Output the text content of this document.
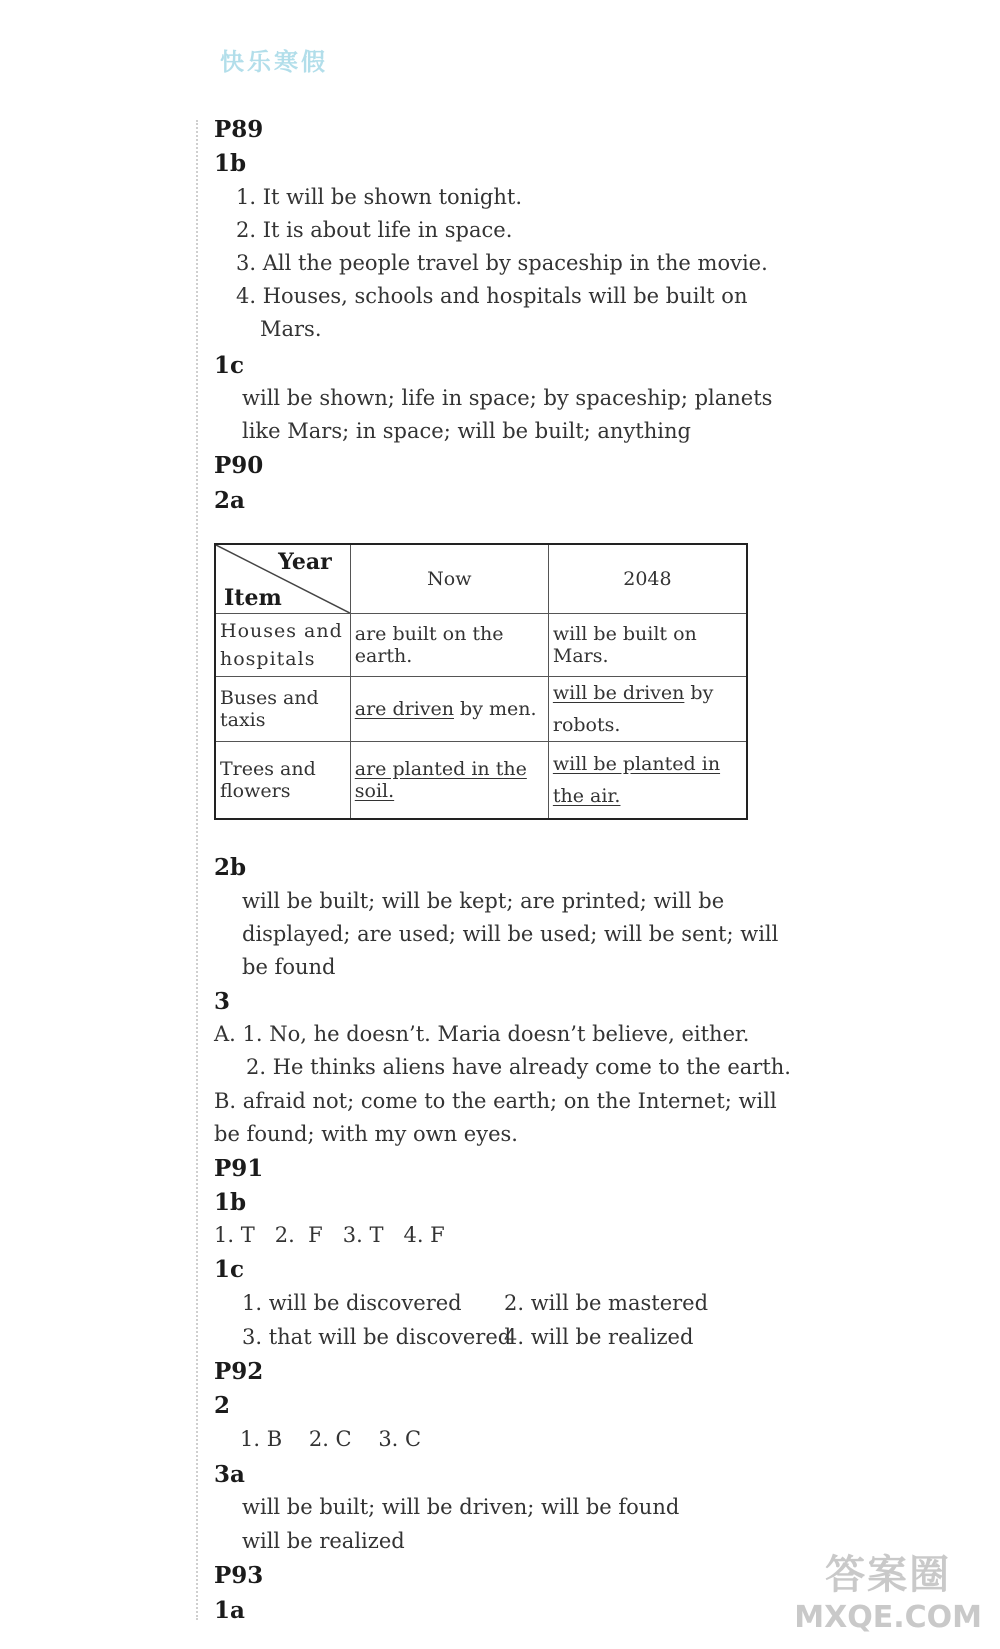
快乐寒假
P89
1b
1. It will be shown tonight.
2. It is about life in space.
3. All the people travel by spaceship in the movie.
4. Houses, schools and hospitals will be built on
Mars.
1c
will be shown; life in space; by spaceship; planets
like Mars; in space; will be built; anything
P90
2a
Year
Item	Now	2048
Houses and hospitals	are built on the earth.	will be built on Mars.
Buses and taxis	are driven by men.	will be driven by robots.
Trees and flowers	are planted in the soil.	will be planted in the air.
2b
will be built; will be kept; are printed; will be
displayed; are used; will be used; will be sent; will
be found
3
A. 1. No, he doesn’t. Maria doesn’t believe, either.
2. He thinks aliens have already come to the earth.
B. afraid not; come to the earth; on the Internet; will
be found; with my own eyes.
P91
1b
1. T   2.  F   3. T   4. F
1c
1. will be discovered 2. will be mastered
3. that will be discovered
4. will be realized
P92
2
1. B    2. C    3. C
3a
will be built; will be driven; will be found
will be realized
P93
1a
答案圈
MXQE.COM
